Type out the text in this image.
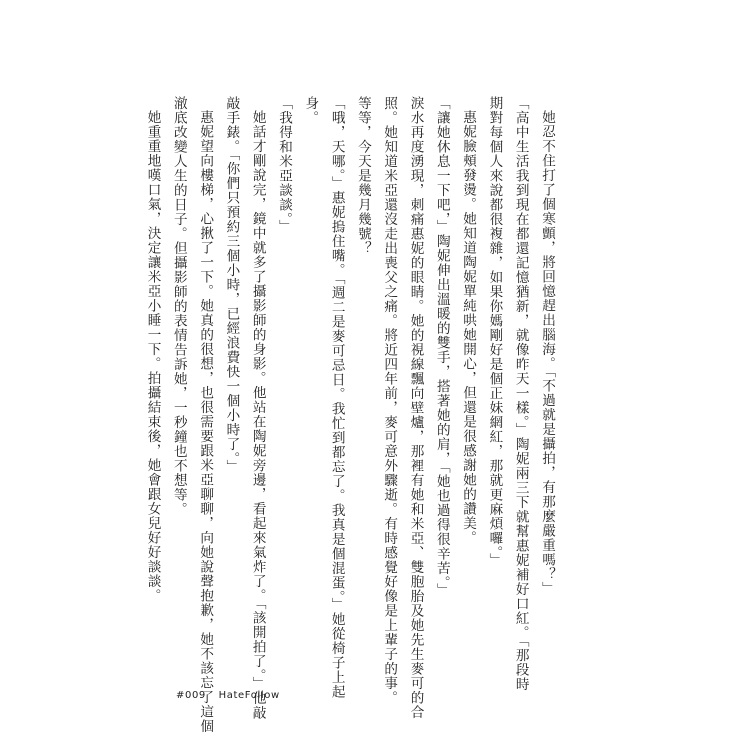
她忍不住打了個寒顫，將回憶趕出腦海。「不過就是攝拍，有那麼嚴重嗎？」

「高中生活我到現在都還記憶猶新，就像昨天一樣。」陶妮兩三下就幫惠妮補好口紅。「那段時

期對每個人來說都很複雜，如果你媽剛好是個正妹網紅，那就更麻煩囉。」

惠妮臉頰發燙。她知道陶妮單純哄她開心，但還是很感謝她的讚美。

「讓她休息一下吧，」陶妮伸出溫暖的雙手，搭著她的肩，「她也過得很辛苦。」

淚水再度湧現，刺痛惠妮的眼睛。她的視線飄向壁爐，那裡有她和米亞、雙胞胎及她先生麥可的合

照。她知道米亞還沒走出喪父之痛。將近四年前，麥可意外驟逝。有時感覺好像是上輩子的事。

等等，今天是幾月幾號？

「哦，天哪。」惠妮摀住嘴。「週二是麥可忌日。我忙到都忘了。我真是個混蛋。」她從椅子上起

身。

「我得和米亞談談。」

她話才剛說完，鏡中就多了攝影師的身影。他站在陶妮旁邊，看起來氣炸了。「該開拍了。」他敲

敲手錶。「你們只預約三個小時，已經浪費快一個小時了。」

惠妮望向樓梯，心揪了一下。她真的很想，也很需要跟米亞聊聊，向她說聲抱歉，她不該忘了這個

澈底改變人生的日子。但攝影師的表情告訴她，一秒鐘也不想等。

她重重地嘆口氣，決定讓米亞小睡一下。拍攝結束後，她會跟女兒好好談談。

#009 HateFollow
